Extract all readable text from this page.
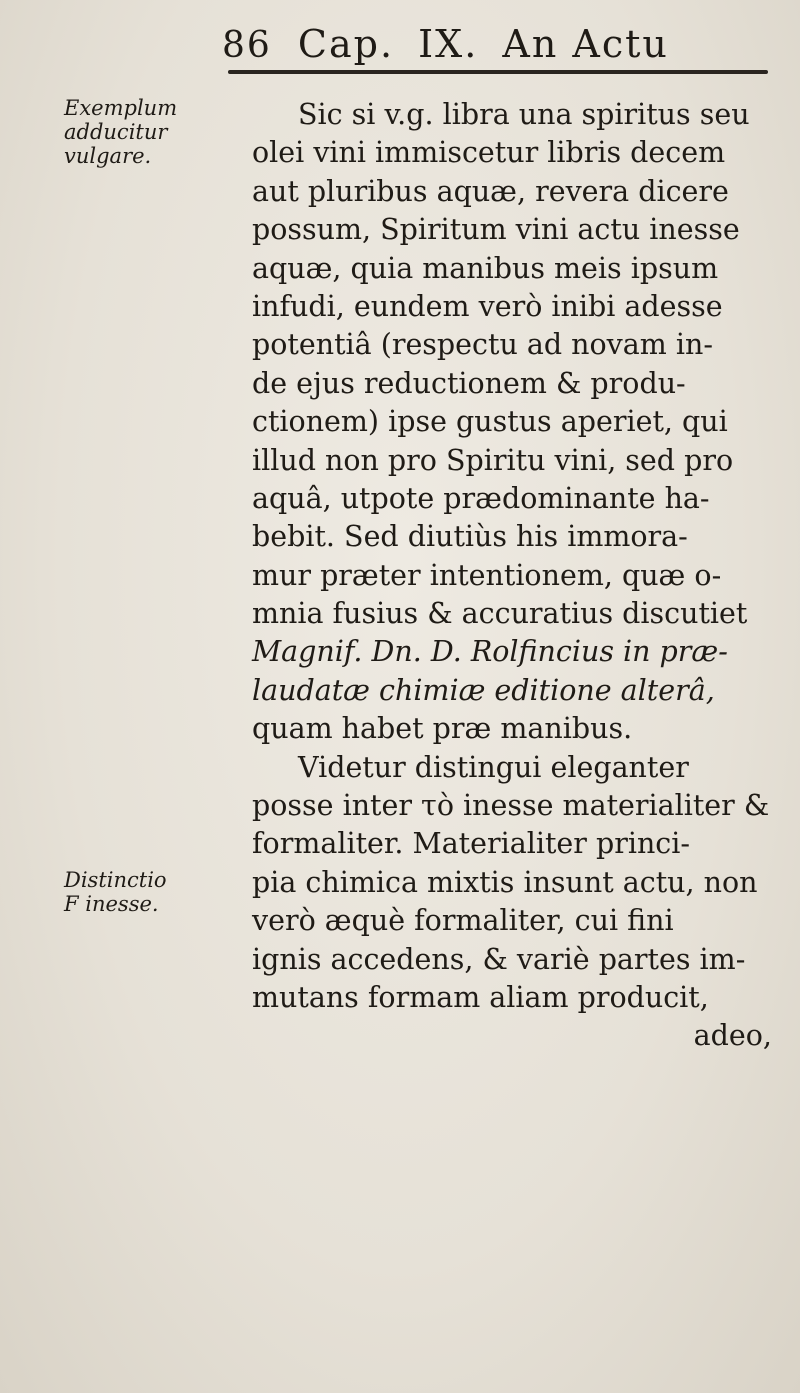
86 Cap. IX. An Actu
Exemplum
adducitur
vulgare.
Distinctio
F inesse.
Sic si v.g. libra una spiritus seu
olei vini immiscetur libris decem
aut pluribus aquæ, revera dicere
possum, Spiritum vini actu inesse
aquæ, quia manibus meis ipsum
infudi, eundem verò inibi adesse
potentiâ (respectu ad novam in-
de ejus reductionem & produ-
ctionem) ipse gustus aperiet, qui
illud non pro Spiritu vini, sed pro
aquâ, utpote prædominante ha-
bebit. Sed diutiùs his immora-
mur præter intentionem, quæ o-
mnia fusius & accuratius discutiet
Magnif. Dn. D. Rolfincius in præ-
laudatæ chimiæ editione alterâ,
quam habet præ manibus.
Videtur distingui eleganter
posse inter τὸ inesse materialiter &
formaliter. Materialiter princi-
pia chimica mixtis insunt actu, non
verò æquè formaliter, cui fini
ignis accedens, & variè partes im-
mutans formam aliam producit,
adeo,
